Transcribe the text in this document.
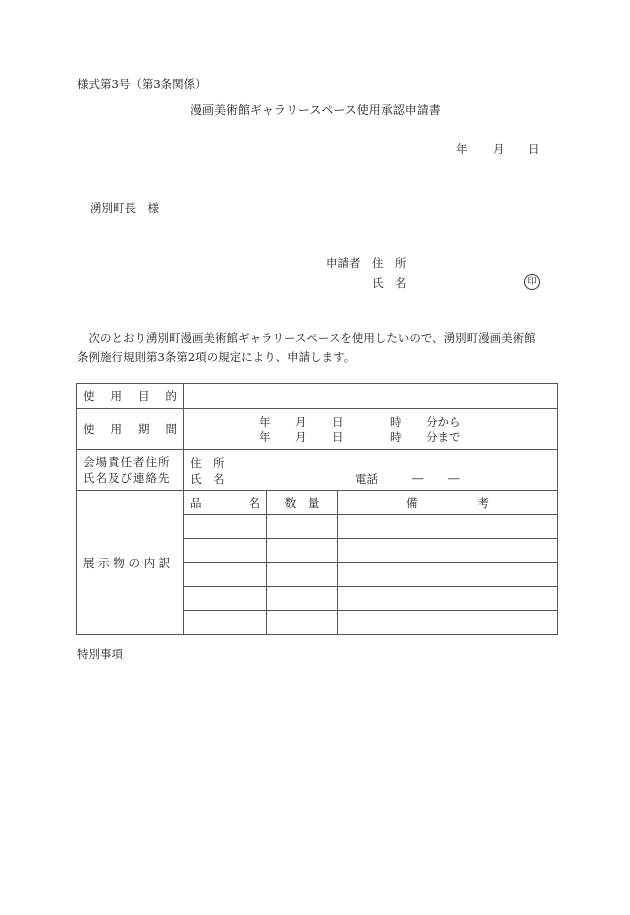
様式第3号（第3条関係）
漫画美術館ギャラリースペース使用承認申請書
年 月 日
湧別町長　様
申請者 住　所
氏　名	印
　次のとおり湧別町漫画美術館ギャラリースペースを使用したいので、湧別町漫画美術館
条例施行規則第3条第2項の規定により、申請します。
使 用 目 的			

使 用 期 間	年 月 日	時 分から
年 月 日	時 分まで

会場責任者住所
氏名及び連絡先

住　所
氏　名	電話	― ―

展 示 物 の 内 訳	品 名	数　量	備 考

特別事項
